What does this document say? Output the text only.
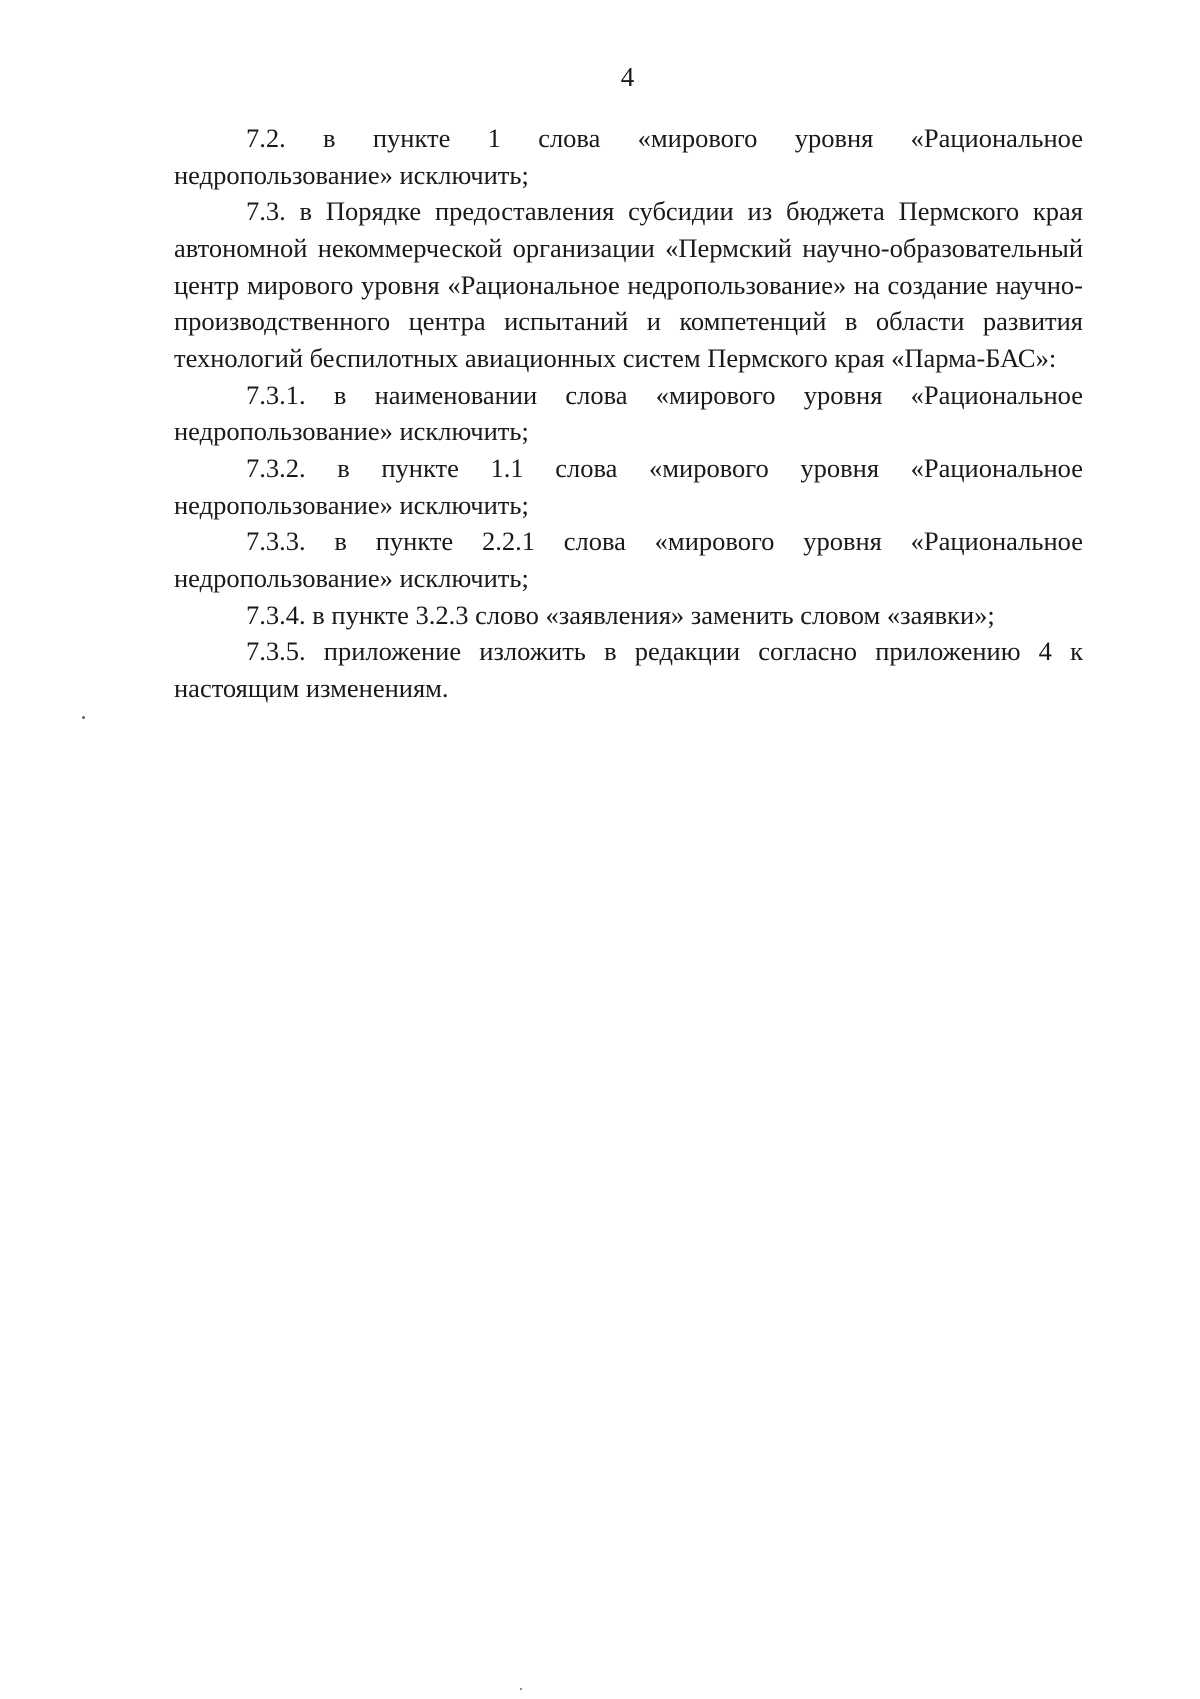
4

7.2. в пункте 1 слова «мирового уровня «Рациональное недропользование» исключить;

7.3. в Порядке предоставления субсидии из бюджета Пермского края автономной некоммерческой организации «Пермский научно-образовательный центр мирового уровня «Рациональное недропользование» на создание научно-производственного центра испытаний и компетенций в области развития технологий беспилотных авиационных систем Пермского края «Парма-БАС»:

7.3.1. в наименовании слова «мирового уровня «Рациональное недропользование» исключить;

7.3.2. в пункте 1.1 слова «мирового уровня «Рациональное недропользование» исключить;

7.3.3. в пункте 2.2.1 слова «мирового уровня «Рациональное недропользование» исключить;

7.3.4. в пункте 3.2.3 слово «заявления» заменить словом «заявки»;

7.3.5. приложение изложить в редакции согласно приложению 4 к настоящим изменениям.
